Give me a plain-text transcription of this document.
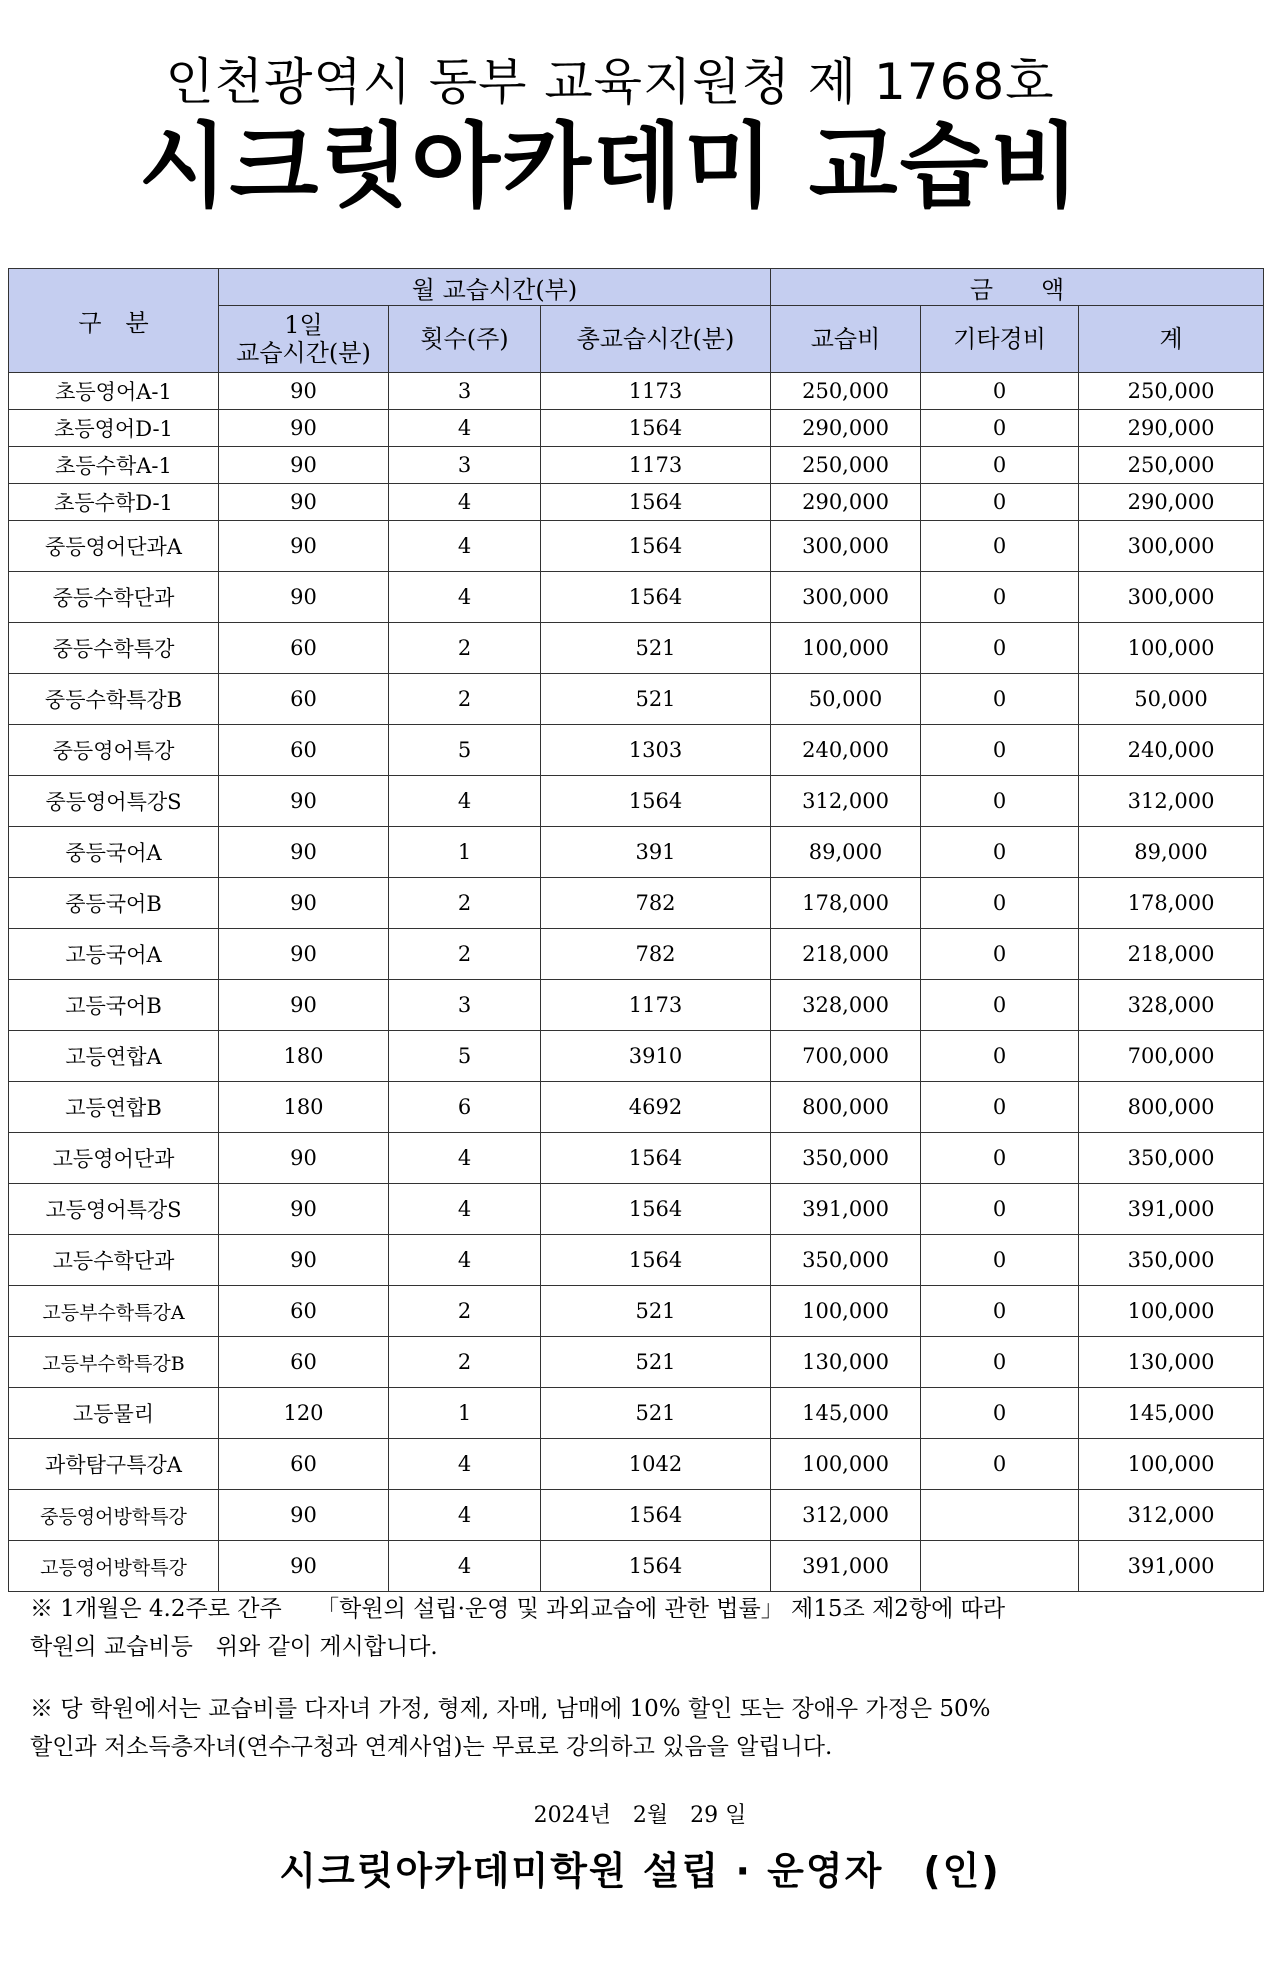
인천광역시 동부 교육지원청 제 1768호
시크릿아카데미 교습비
구　분	월 교습시간(부)			금　　액		
	1일
교습시간(분)	횟수(주)	총교습시간(분)	교습비	기타경비	계
초등영어A-1	90	3	1173	250,000	0	250,000
초등영어D-1	90	4	1564	290,000	0	290,000
초등수학A-1	90	3	1173	250,000	0	250,000
초등수학D-1	90	4	1564	290,000	0	290,000
중등영어단과A	90	4	1564	300,000	0	300,000
중등수학단과	90	4	1564	300,000	0	300,000
중등수학특강	60	2	521	100,000	0	100,000
중등수학특강B	60	2	521	50,000	0	50,000
중등영어특강	60	5	1303	240,000	0	240,000
중등영어특강S	90	4	1564	312,000	0	312,000
중등국어A	90	1	391	89,000	0	89,000
중등국어B	90	2	782	178,000	0	178,000
고등국어A	90	2	782	218,000	0	218,000
고등국어B	90	3	1173	328,000	0	328,000
고등연합A	180	5	3910	700,000	0	700,000
고등연합B	180	6	4692	800,000	0	800,000
고등영어단과	90	4	1564	350,000	0	350,000
고등영어특강S	90	4	1564	391,000	0	391,000
고등수학단과	90	4	1564	350,000	0	350,000
고등부수학특강A	60	2	521	100,000	0	100,000
고등부수학특강B	60	2	521	130,000	0	130,000
고등물리	120	1	521	145,000	0	145,000
과학탐구특강A	60	4	1042	100,000	0	100,000
중등영어방학특강	90	4	1564	312,000		312,000
고등영어방학특강	90	4	1564	391,000		391,000
※ 1개월은 4.2주로 간주　　「학원의 설립·운영 및 과외교습에 관한 법률」 제15조 제2항에 따라
학원의 교습비등　위와 같이 게시합니다.
※ 당 학원에서는 교습비를 다자녀 가정, 형제, 자매, 남매에 10% 할인 또는 장애우 가정은 50%
할인과 저소득층자녀(연수구청과 연계사업)는 무료로 강의하고 있음을 알립니다.
2024년　2월　29 일
시크릿아카데미학원 설립 · 운영자　(인)
